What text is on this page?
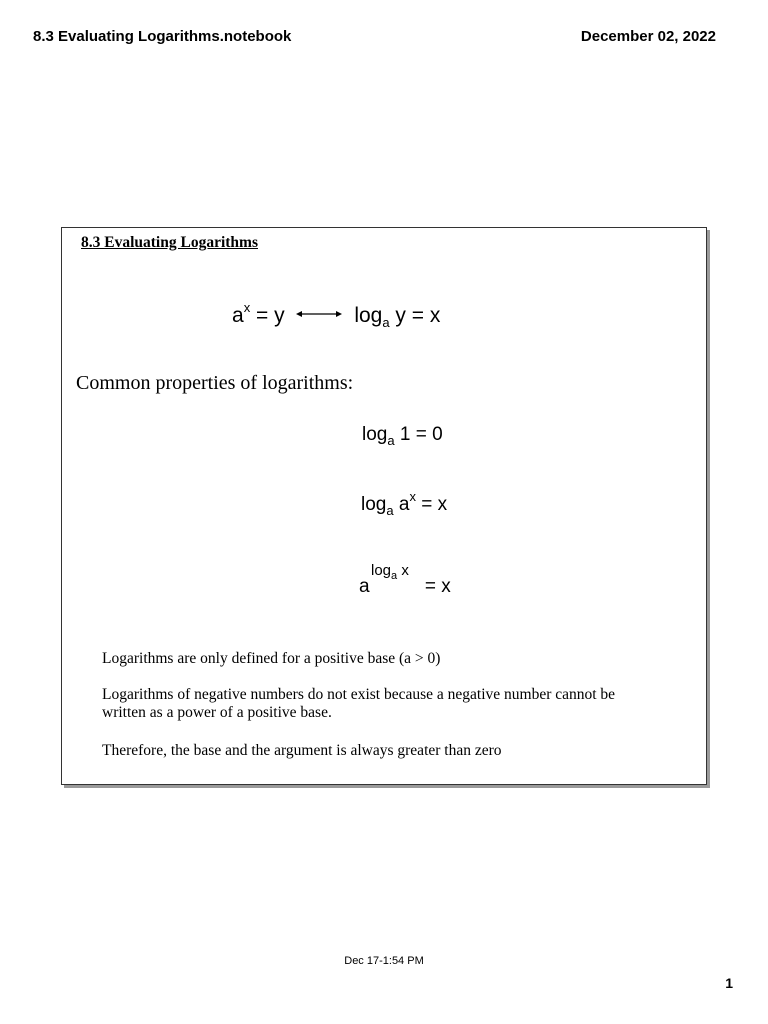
8.3 Evaluating Logarithms.notebook	December 02, 2022
8.3 Evaluating Logarithms
$a^x = y$	$\log_a y = x$
Common properties of logarithms:
$\log_a 1 = 0$
$\log_a a^x = x$
a
$\log_a x$
= x
Logarithms are only defined for a positive base (a > 0)
Logarithms of negative numbers do not exist because a negative number cannot be written as a power of a positive base.
Therefore, the base and the argument is always greater than zero
Dec 17-1:54 PM
1
